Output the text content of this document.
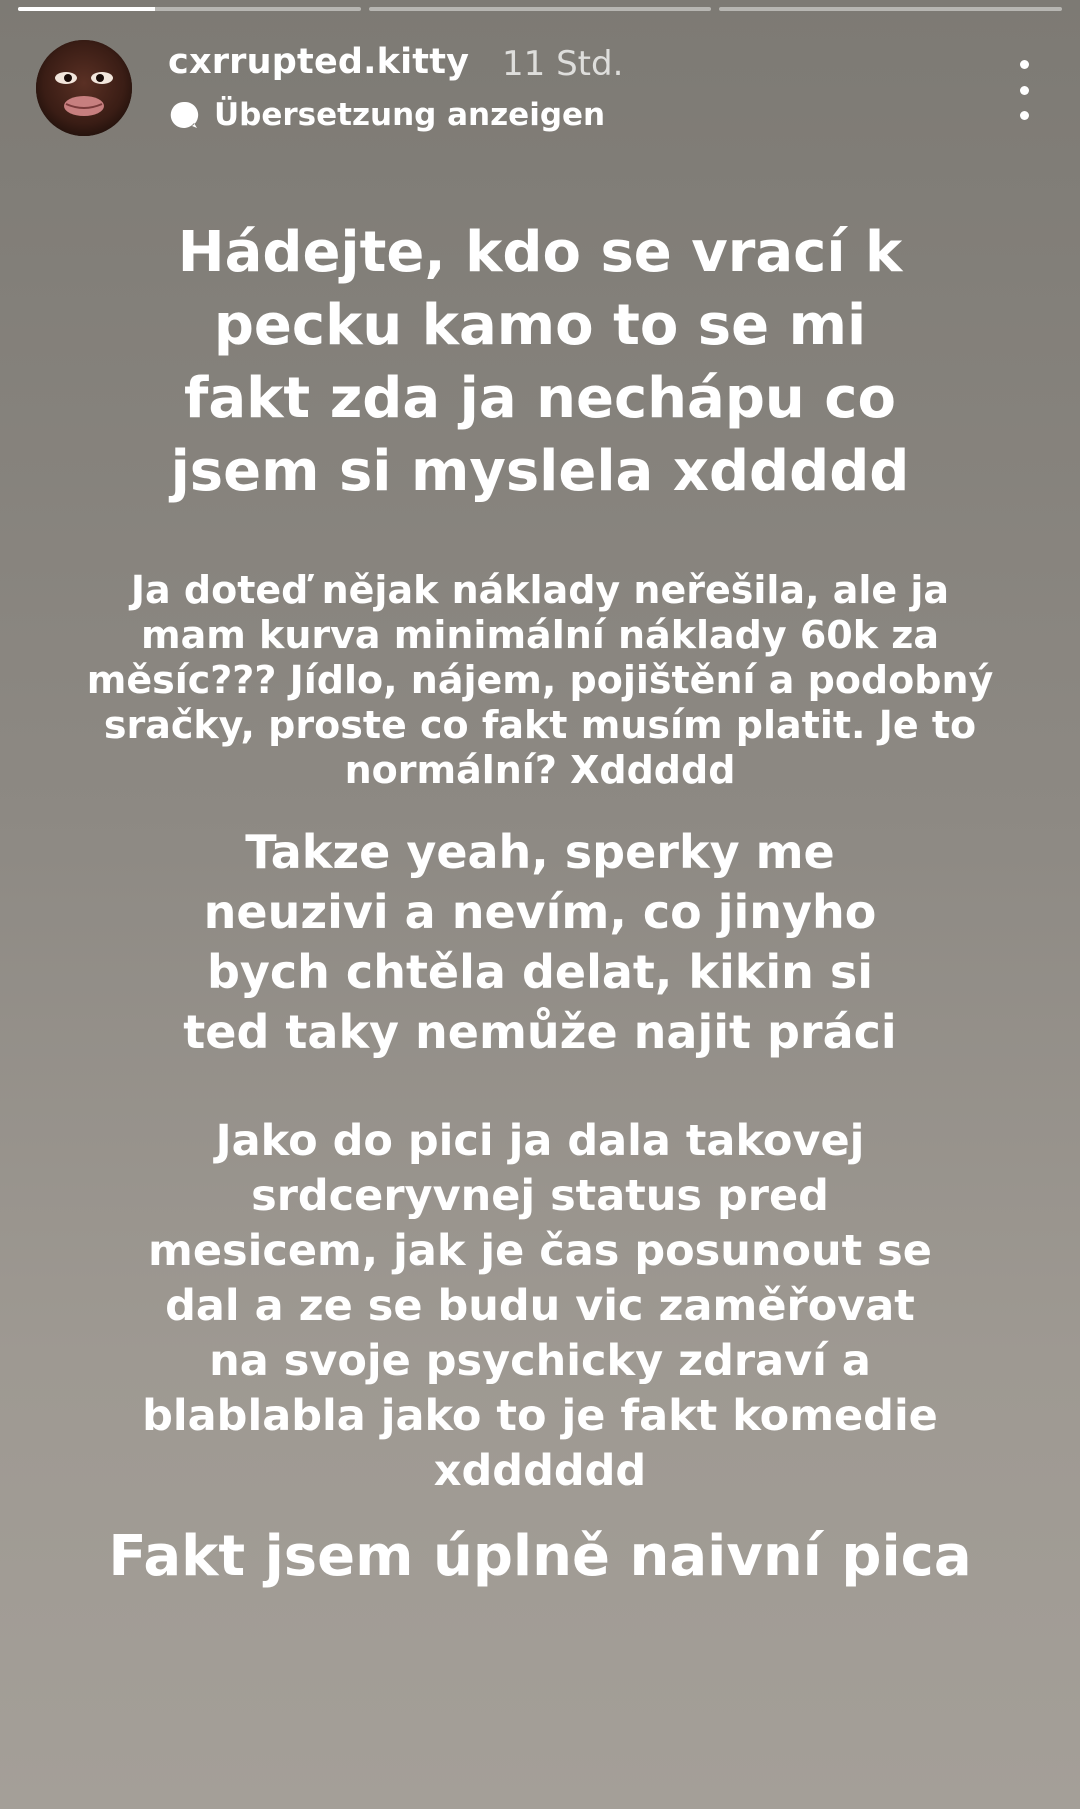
cxrrupted.kitty 11 Std.
Übersetzung anzeigen
Hádejte, kdo se vrací k pecku kamo to se mi fakt zda ja nechápu co jsem si myslela xddddd
Ja doteď nějak náklady neřešila, ale ja mam kurva minimální náklady 60k za měsíc??? Jídlo, nájem, pojištění a podobný sračky, proste co fakt musím platit. Je to normální? Xddddd
Takze yeah, sperky me neuzivi a nevím, co jinyho bych chtěla delat, kikin si ted taky nemůže najit práci
Jako do pici ja dala takovej srdceryvnej status pred mesicem, jak je čas posunout se dal a ze se budu vic zaměřovat na svoje psychicky zdraví a blablabla jako to je fakt komedie xdddddd
Fakt jsem úplně naivní pica
